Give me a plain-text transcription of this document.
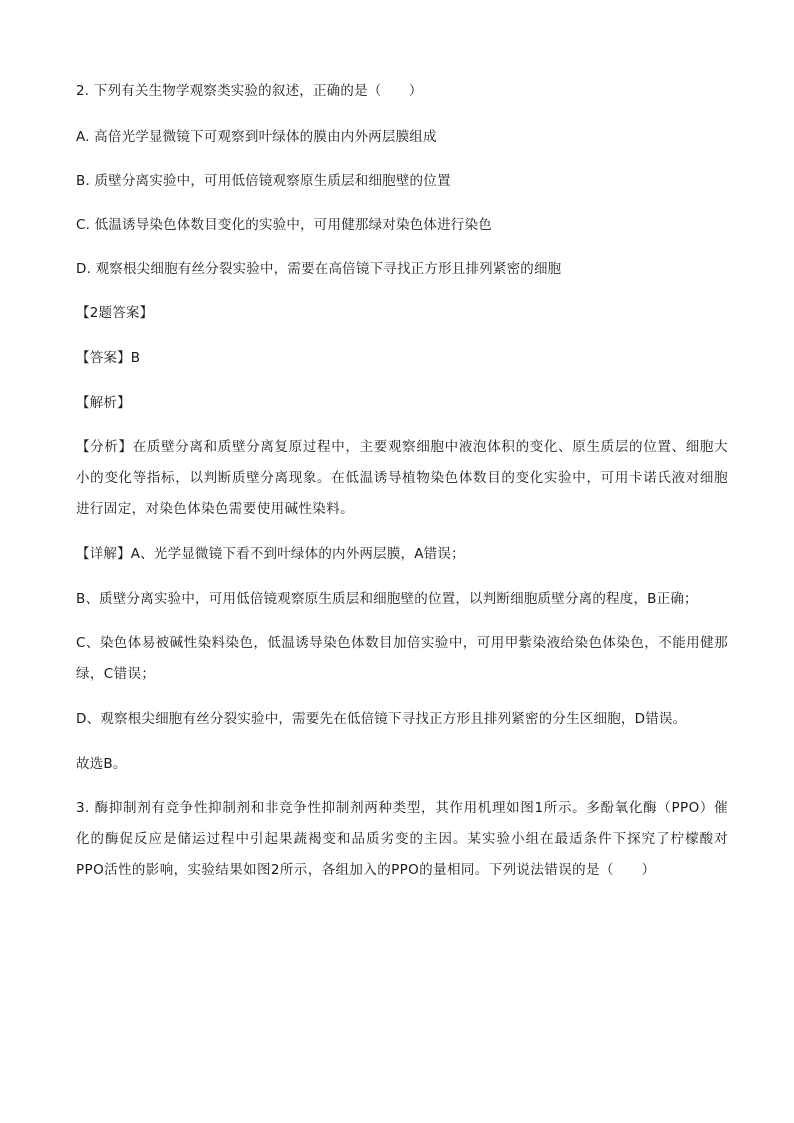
2. 下列有关生物学观察类实验的叙述，正确的是（　　）
A. 高倍光学显微镜下可观察到叶绿体的膜由内外两层膜组成
B. 质壁分离实验中，可用低倍镜观察原生质层和细胞壁的位置
C. 低温诱导染色体数目变化的实验中，可用健那绿对染色体进行染色
D. 观察根尖细胞有丝分裂实验中，需要在高倍镜下寻找正方形且排列紧密的细胞
【2题答案】
【答案】B
【解析】
【分析】在质壁分离和质壁分离复原过程中，主要观察细胞中液泡体积的变化、原生质层的位置、细胞大小的变化等指标，以判断质壁分离现象。在低温诱导植物染色体数目的变化实验中，可用卡诺氏液对细胞进行固定，对染色体染色需要使用碱性染料。
【详解】A、光学显微镜下看不到叶绿体的内外两层膜，A错误；
B、质壁分离实验中，可用低倍镜观察原生质层和细胞壁的位置，以判断细胞质壁分离的程度，B正确；
C、染色体易被碱性染料染色，低温诱导染色体数目加倍实验中，可用甲紫染液给染色体染色，不能用健那绿，C错误；
D、观察根尖细胞有丝分裂实验中，需要先在低倍镜下寻找正方形且排列紧密的分生区细胞，D错误。
故选B。
3. 酶抑制剂有竞争性抑制剂和非竞争性抑制剂两种类型，其作用机理如图1所示。多酚氧化酶（PPO）催化的酶促反应是储运过程中引起果蔬褐变和品质劣变的主因。某实验小组在最适条件下探究了柠檬酸对PPO活性的影响，实验结果如图2所示，各组加入的PPO的量相同。下列说法错误的是（　　）
